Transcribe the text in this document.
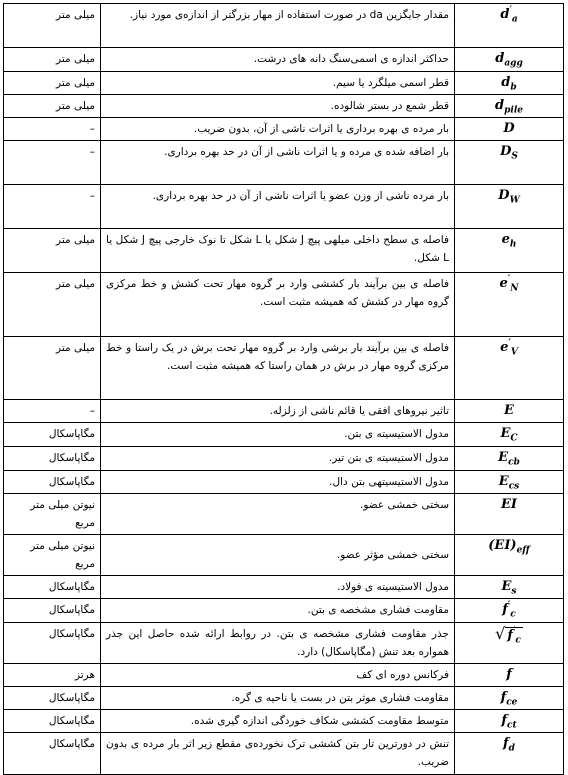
میلی متر	مقدار جایگزین da در صورت استفاده از مهار بزرگتر از اندازه‌ی مورد نیاز.	$d'_a$
میلی متر	حداکثر اندازه ی اسمی‌سنگ دانه های درشت.	$d_{agg}$
میلی متر	قطر اسمی میلگرد یا سیم.	$d_b$
میلی متر	قطر شمع در بستر شالوده.	$d_{pile}$
–	بار مرده ی بهره برداری یا اثرات ناشی از آن، بدون ضریب.	D
–	بار اضافه شده ی مرده و یا اثرات ناشی از آن در حد بهره برداری.	$D_S$
–	بار مرده ناشی از وزن عضو یا اثرات ناشی از آن در حد بهره برداری.	$D_W$
میلی متر	فاصله ی سطح داخلی میلهی پیچ J شکل یا L شکل تا نوک خارجی پیچ J شکل یا L شکل.	$e_h$
میلی متر	فاصله ی بین برآیند بار کششی وارد بر گروه مهار تحت کشش و خط مرکزی گروه مهار در کشش که همیشه مثبت است.	$e'_N$
میلی متر	فاصله ی بین برآیند بار برشی وارد بر گروه مهار تحت برش در یک راستا و خط مرکزی گروه مهار در برش در همان راستا که همیشه مثبت است.	$e'_V$
–	تاثیر نیروهای افقی یا قائم ناشی از زلزله.	E
مگاپاسکال	مدول الاستیسیته ی بتن.	$E_C$
مگاپاسکال	مدول الاستیسیته ی بتن تیر.	$E_{cb}$
مگاپاسکال	مدول الاستیسیتهی بتن دال.	$E_{cs}$
نیوتن میلی متر مربع	سختی خمشی عضو.	EI
نیوتن میلی متر مربع	سختی خمشی مؤثر عضو.	$(EI)_{eff}$
مگاپاسکال	مدول الاستیسیته ی فولاد.	$E_s$
مگاپاسکال	مقاومت فشاری مشخصه ی بتن.	$f'_c$
مگاپاسکال	جذر مقاومت فشاری مشخصه ی بتن. در روابط ارائه شده حاصل این جذر همواره بعد تنش (مگاپاسکال) دارد.	√ $f'_c$
هرتز	فرکانس دوره ای کف	f
مگاپاسکال	مقاومت فشاری موثر بتن در بست یا ناحیه ی گره.	$f_{ce}$
مگاپاسکال	متوسط مقاومت کششی شکاف خوردگی اندازه گیری شده.	$f_{ct}$
مگاپاسکال	تنش در دورترین تار بتن کششی ترک نخورده‌ی مقطع زیر اثر بار مرده ی بدون ضریب.	$f_d$
